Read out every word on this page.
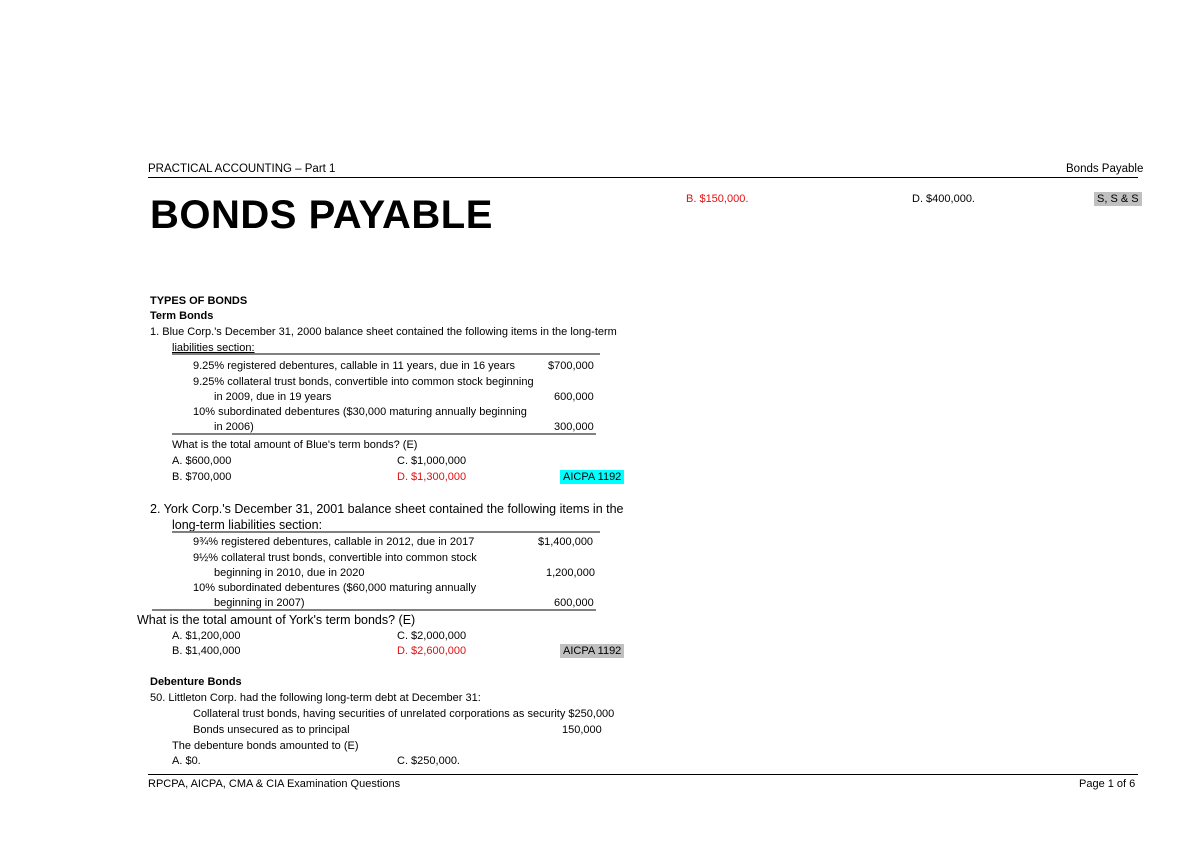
PRACTICAL ACCOUNTING – Part 1	Bonds Payable
BONDS PAYABLE	B. $150,000.	D. $400,000.	S, S & S
TYPES OF BONDS
Term Bonds
1. Blue Corp.'s December 31, 2000 balance sheet contained the following items in the long-term
liabilities section:
9.25% registered debentures, callable in 11 years, due in 16 years	$700,000
9.25% collateral trust bonds, convertible into common stock beginning
in 2009, due in 19 years	600,000
10% subordinated debentures ($30,000 maturing annually beginning
in 2006)	300,000
What is the total amount of Blue's term bonds? (E)
A. $600,000	C. $1,000,000
B. $700,000	D. $1,300,000	AICPA 1192
2. York Corp.'s December 31, 2001 balance sheet contained the following items in the
long-term liabilities section:
9¾% registered debentures, callable in 2012, due in 2017	$1,400,000
9½% collateral trust bonds, convertible into common stock
beginning in 2010, due in 2020	1,200,000
10% subordinated debentures ($60,000 maturing annually
beginning in 2007)	600,000
What is the total amount of York's term bonds? (E)
A. $1,200,000	C. $2,000,000
B. $1,400,000	D. $2,600,000	AICPA 1192
Debenture Bonds
50. Littleton Corp. had the following long-term debt at December 31:
Collateral trust bonds, having securities of unrelated corporations as security $250,000
Bonds unsecured as to principal	150,000
The debenture bonds amounted to (E)
A. $0.	C. $250,000.
RPCPA, AICPA, CMA & CIA Examination Questions	Page 1 of 6
